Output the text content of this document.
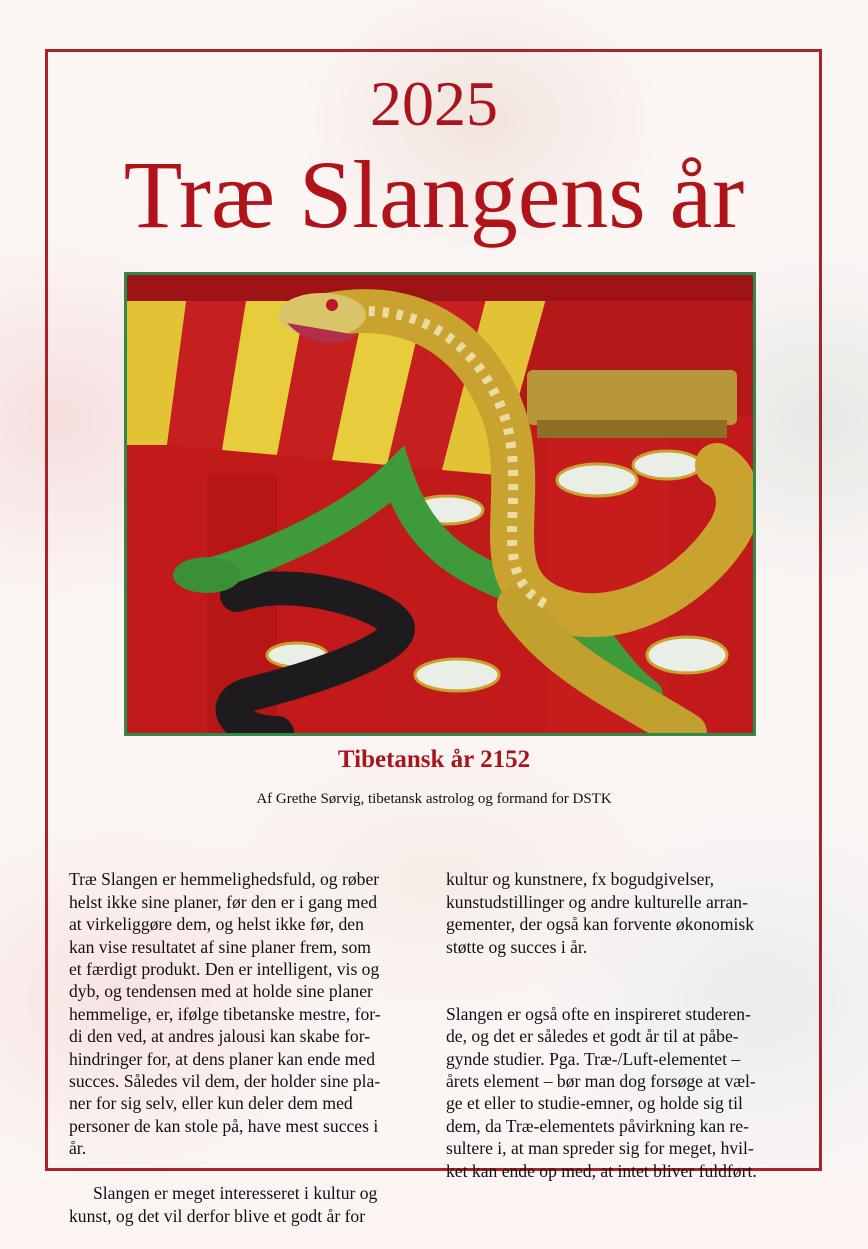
2025
Træ Slangens år
Tibetansk år 2152
Af Grethe Sørvig, tibetansk astrolog og formand for DSTK

Træ Slangen er hemmelighedsfuld, og røber
helst ikke sine planer, før den er i gang med
at virkeliggøre dem, og helst ikke før, den
kan vise resultatet af sine planer frem, som
et færdigt produkt. Den er intelligent, vis og
dyb, og tendensen med at holde sine planer
hemmelige, er, ifølge tibetanske mestre, for-
di den ved, at andres jalousi kan skabe for-
hindringer for, at dens planer kan ende med
succes. Således vil dem, der holder sine pla-
ner for sig selv, eller kun deler dem med
personer de kan stole på, have mest succes i
år.

Slangen er meget interesseret i kultur og
kunst, og det vil derfor blive et godt år for

kultur og kunstnere, fx bogudgivelser,
kunstudstillinger og andre kulturelle arran-
gementer, der også kan forvente økonomisk
støtte og succes i år.

Slangen er også ofte en inspireret studeren-
de, og det er således et godt år til at påbe-
gynde studier. Pga. Træ-/Luft-elementet –
årets element – bør man dog forsøge at væl-
ge et eller to studie-emner, og holde sig til
dem, da Træ-elementets påvirkning kan re-
sultere i, at man spreder sig for meget, hvil-
ket kan ende op med, at intet bliver fuldført.
